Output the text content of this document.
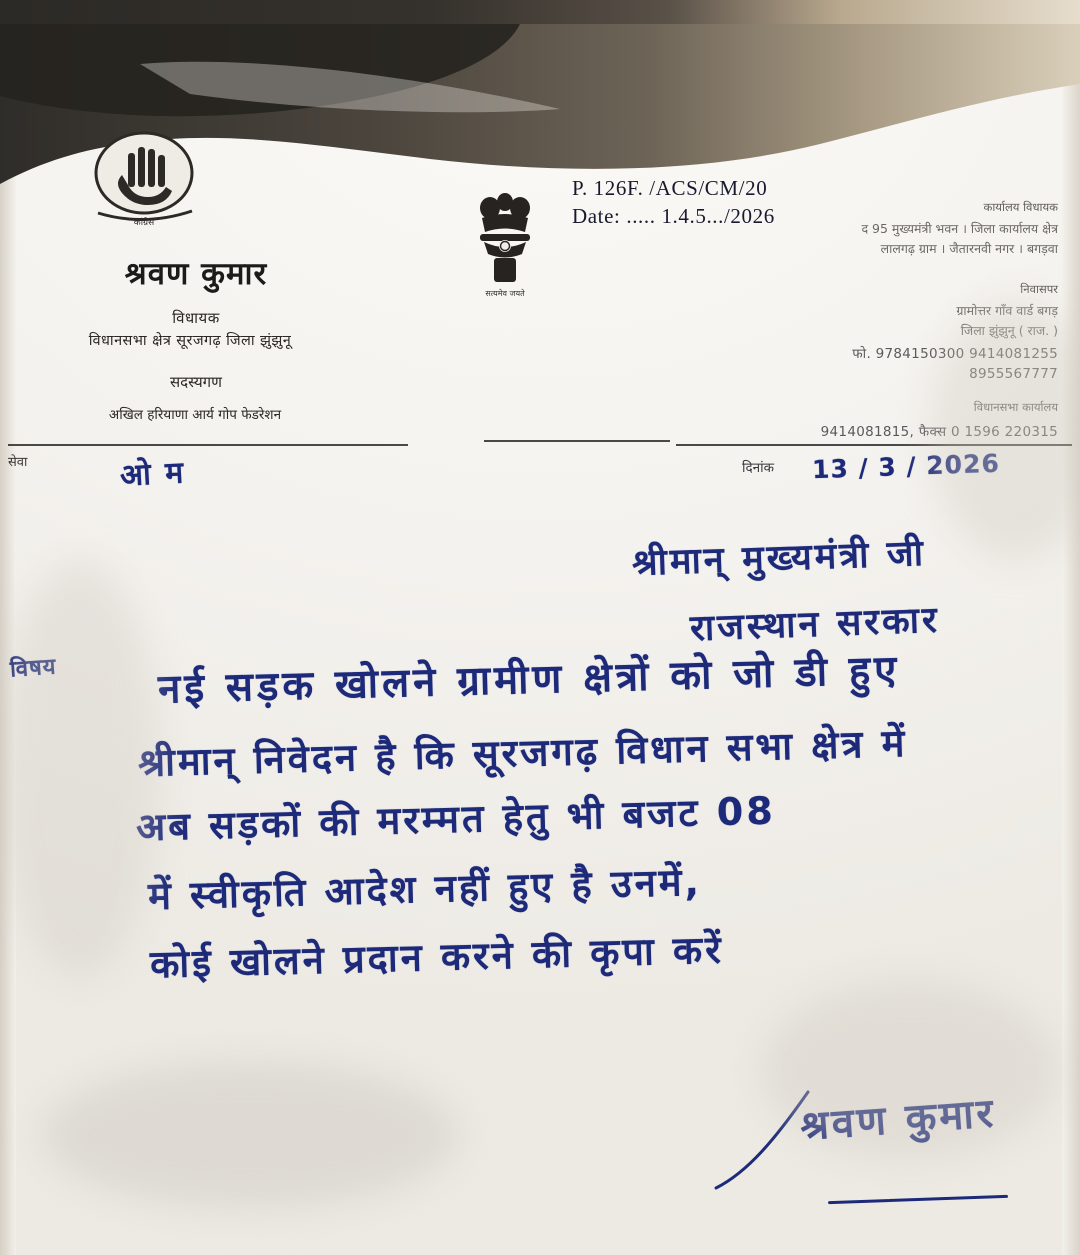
कांग्रेस
श्रवण कुमार
विधायक
विधानसभा क्षेत्र सूरजगढ़ जिला झुंझुनू
सदस्यगण
अखिल हरियाणा आर्य गोप फेडरेशन
सत्यमेव जयते
P. 126F. /ACS/CM/20
Date: ..... 1.4.5.../2026	कार्यालय विधायक
द 95 मुख्यमंत्री भवन । जिला कार्यालय क्षेत्र
लालगढ़ ग्राम । जैतारनवी नगर । बगड़वा
निवासपर
ग्रामोत्तर गाँव वार्ड बगड़
जिला झुंझुनू ( राज. )
फो. 9784150300 9414081255
8955567777
विधानसभा कार्यालय
9414081815, फैक्स 0 1596 220315
सेवा	दिनांक
ओ म	13 / 3 / 2026
विषय
श्रीमान् मुख्यमंत्री जी
राजस्थान सरकार
नई सड़क खोलने ग्रामीण क्षेत्रों को जो डी हुए
श्रीमान् निवेदन है कि सूरजगढ़ विधान सभा क्षेत्र में
अब सड़कों की मरम्मत हेतु भी बजट 08
में स्वीकृति आदेश नहीं हुए है उनमें,
कोई खोलने प्रदान करने की कृपा करें
श्रवण कुमार
